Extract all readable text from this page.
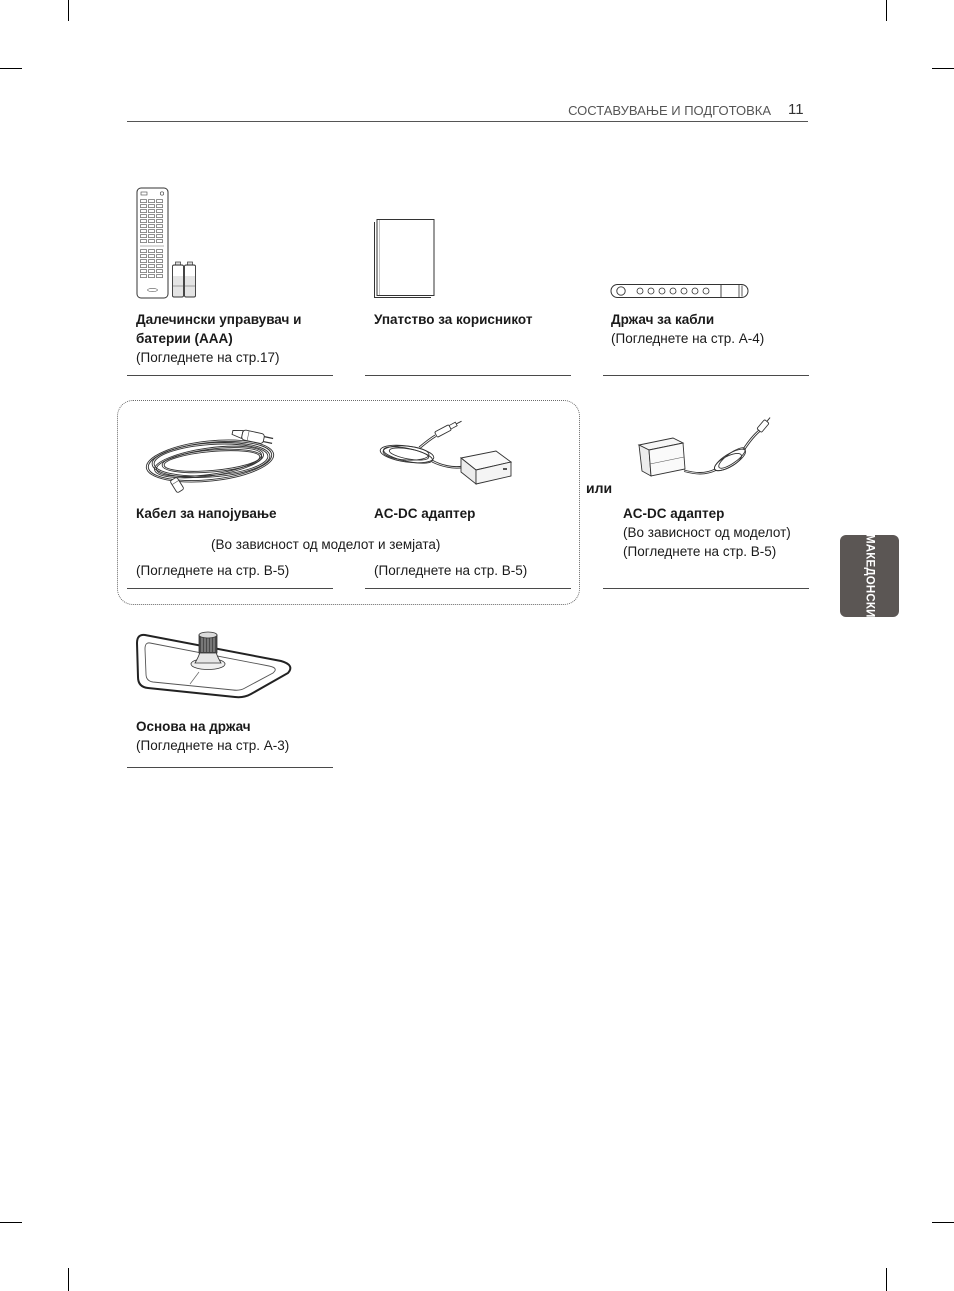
СОСТАВУВАЊЕ И ПОДГОТОВКА 11
МАКЕДОНСКИ
Далечински управувач и
батерии (AAA)
(Погледнете на стр.17)
Упатство за корисникот	Држач за кабли
(Погледнете на стр. A-4)
Кабел за напојување	AC-DC адаптер
(Во зависност од моделот и земјата)
(Погледнете на стр. B-5)	(Погледнете на стр. B-5)
или
AC-DC адаптер
(Во зависност од моделот)
(Погледнете на стр. B-5)
Основа на држач
(Погледнете на стр. A-3)
